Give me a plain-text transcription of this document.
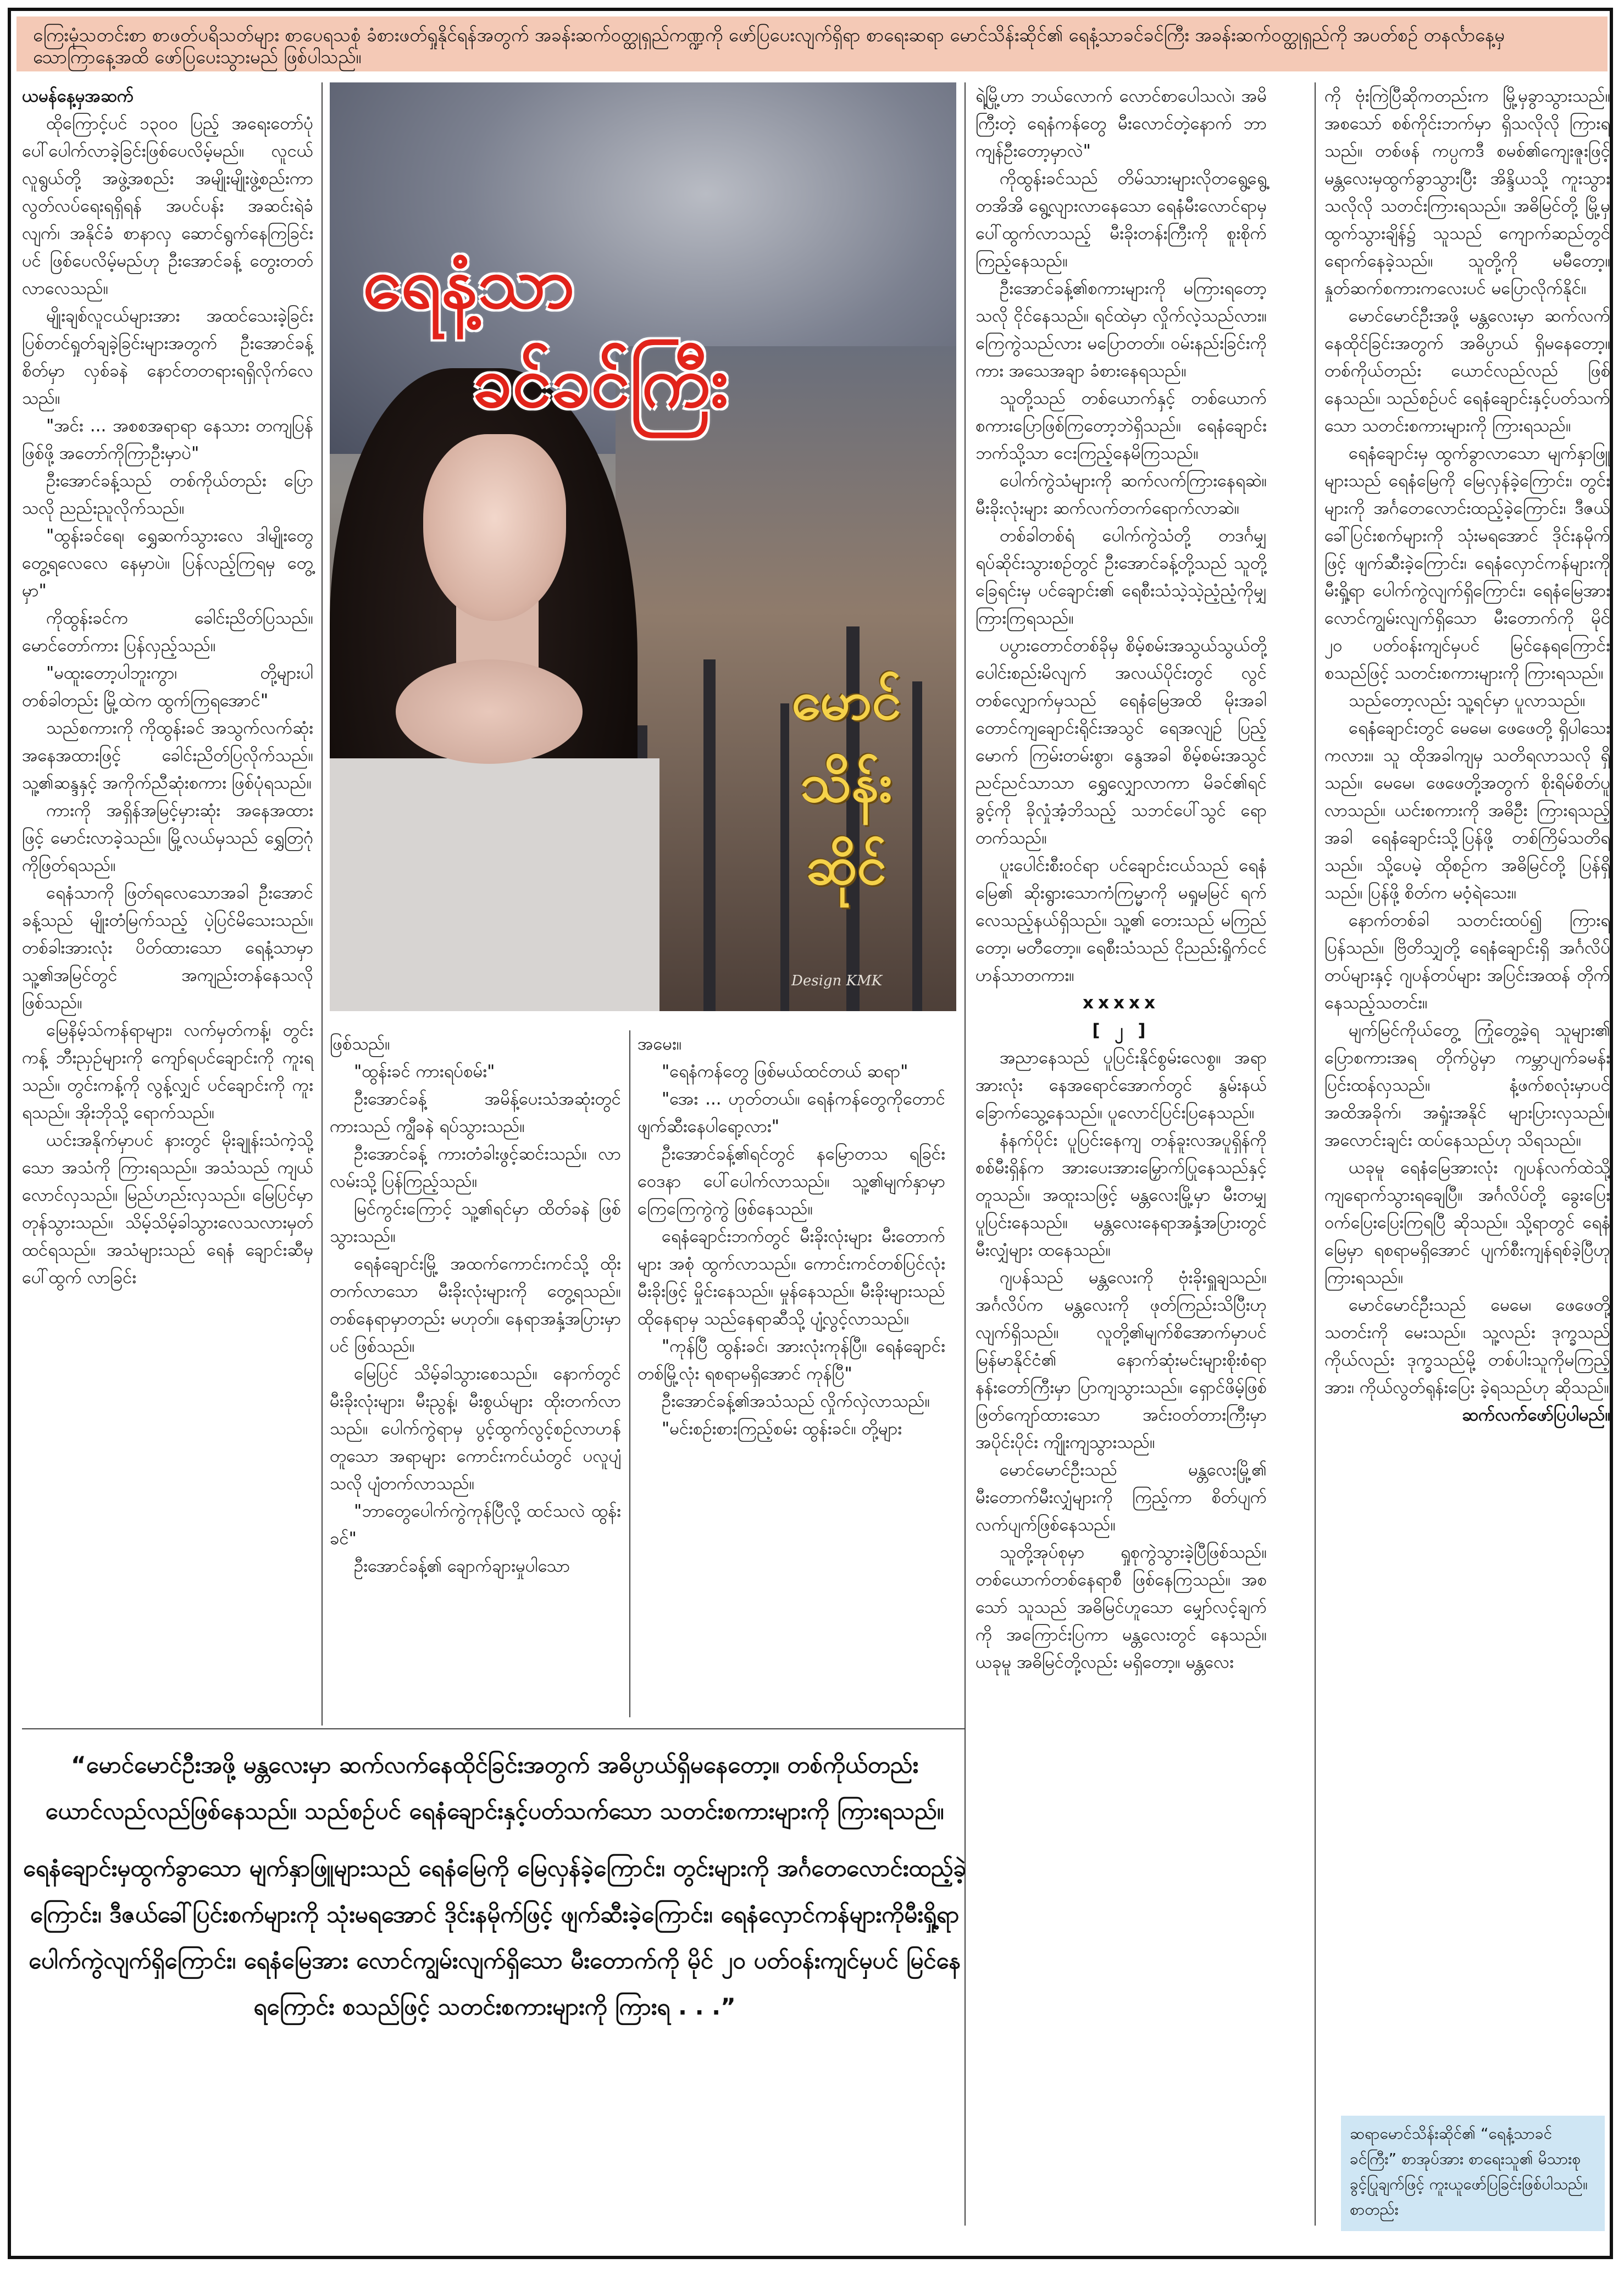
ကြေးမုံသတင်းစာ စာဖတ်ပရိသတ်များ စာပေရသစုံ ခံစားဖတ်ရှုနိုင်ရန်အတွက် အခန်းဆက်ဝတ္ထုရှည်ကဏ္ဍကို ဖော်ပြပေးလျက်ရှိရာ စာရေးဆရာ မောင်သိန်းဆိုင်၏ ရေနံ့သာခင်ခင်ကြီး အခန်းဆက်ဝတ္ထုရှည်ကို အပတ်စဉ် တနင်္လာနေ့မှ သောကြာနေ့အထိ ဖော်ပြပေးသွားမည် ဖြစ်ပါသည်။

ယမန်နေ့မှအဆက်

ထိုကြောင့်ပင် ၁၃၀၀ ပြည့် အရေးတော်ပုံ ပေါ်ပေါက်လာခဲ့ခြင်းဖြစ်ပေလိမ့်မည်။ လူငယ်လူရွယ်တို့ အဖွဲ့အစည်း အမျိုးမျိုးဖွဲ့စည်းကာ လွတ်လပ်ရေးရရှိရန် အပင်ပန်း အဆင်းရဲခံလျက်၊ အနိုင်ခံ စာနာလှ ဆောင်ရွက်နေကြခြင်းပင် ဖြစ်ပေလိမ့်မည်ဟု ဦးအောင်ခန့် တွေးတတ်လာလေသည်။

မျိုးချစ်လူငယ်များအား အထင်သေးခဲ့ခြင်း ပြစ်တင်ရှုတ်ချခဲ့ခြင်းများအတွက် ဦးအောင်ခန့်စိတ်မှာ လှစ်ခနဲ နောင်တတရားရရှိလိုက်လေသည်။

"အင်း ... အစစအရာရာ နေသား တကျပြန်ဖြစ်ဖို့ အတော်ကိုကြာဦးမှာပဲ"

ဦးအောင်ခန့်သည် တစ်ကိုယ်တည်း ပြောသလို ညည်းညူလိုက်သည်။

"ထွန်းခင်ရေ၊ ရွှေဆက်သွားလေ ဒါမျိုးတွေ တွေ့ရလေလေ နေမှာပဲ။ ပြန်လည့်ကြရမှ တွေ့မှာ"

ကိုထွန်းခင်က ခေါင်းညိတ်ပြသည်။ မောင်တော်ကား ပြန်လှည့်သည်။

"မထူးတော့ပါဘူးကွာ၊ တို့များပါ တစ်ခါတည်း မြို့ထဲက ထွက်ကြရအောင်"

သည်စကားကို ကိုထွန်းခင် အသွက်လက်ဆုံး အနေအထားဖြင့် ခေါင်းညိတ်ပြလိုက်သည်။ သူ့၏ဆန္ဒနှင့် အကိုက်ညီဆုံးစကား ဖြစ်ပုံရသည်။

ကားကို အရှိန်အမြင့်မှားဆုံး အနေအထားဖြင့် မောင်းလာခဲ့သည်။ မြို့လယ်မှသည် ရွှေတြဂုံကိုဖြတ်ရသည်။

ရေနံသာကို ဖြတ်ရလေသောအခါ ဦးအောင်ခန့်သည် မျိုးတံမြက်သည့် ပဲ့ပြင်မိသေးသည်။ တစ်ခါးအားလုံး ပိတ်ထားသော ရေနံ့သာမှာ သူ့၏အမြင်တွင် အကျည်းတန်နေသလို ဖြစ်သည်။

မြေနိမ့်သ်ကန်ရာများ၊ လက်မှတ်ကန့်၊ တွင်းကန့် ဘီးညှဉ်များကို ကျော်ရပင်ချောင်းကို ကူးရသည်။ တွင်းကန့်ကို လွန့်လျှင် ပင်ချောင်းကို ကူးရသည်။ အိုးဘိုသို့ ရောက်သည်။

ယင်းအနိုက်မှာပင် နားတွင် မိုးချုန်းသံကဲ့သို့သော အသံကို ကြားရသည်။ အသံသည် ကျယ်လောင်လှသည်။ မြည်ဟည်းလှသည်။ မြေပြင်မှာ တုန်သွားသည်။ သိမ့်သိမ့်ခါသွားလေသလားမှတ်ထင်ရသည်။ အသံများသည် ရေနံ ချောင်းဆီမှ ပေါ်ထွက် လာခြင်း

ရေနံ့သာ
ခင်ခင်ကြီး
မောင်
သိန်း
ဆိုင်
Design KMK

ဖြစ်သည်။

"ထွန်းခင် ကားရပ်စမ်း"

ဦးအောင်ခန့် အမိန့်ပေးသံအဆုံးတွင် ကားသည် ကျွီခနဲ ရပ်သွားသည်။

ဦးအောင်ခန့် ကားတံခါးဖွင့်ဆင်းသည်။ လာလမ်းသို့ ပြန်ကြည့်သည်။

မြင်ကွင်းကြောင့် သူ့၏ရင်မှာ ထိတ်ခနဲ ဖြစ်သွားသည်။

ရေနံချောင်းမြို့ အထက်ကောင်းကင်သို့ ထိုးတက်လာသော မီးခိုးလုံးများကို တွေ့ရသည်။ တစ်နေရာမှာတည်း မဟုတ်။ နေရာအနှံ့အပြားမှာပင် ဖြစ်သည်။

မြေပြင် သိမ့်ခါသွားစေသည်။ နောက်တွင် မီးခိုးလုံးများ၊ မီးညွန့်၊ မီးစွယ်များ ထိုးတက်လာသည်။ ပေါက်ကွဲရာမှ ပွင့်ထွက်လွင့်စဉ်လာဟန်တူသော အရာများ ကောင်းကင်ယံတွင် ပလူပျံသလို ပျံတက်လာသည်။

"ဘာတွေပေါက်ကွဲကုန်ပြီလို့ ထင်သလဲ ထွန်းခင်"

ဦးအောင်ခန့်၏ ချောက်ချားမှုပါသော

အမေး။

"ရေနံကန်တွေ ဖြစ်မယ်ထင်တယ် ဆရာ"

"အေး ... ဟုတ်တယ်။ ရေနံကန်တွေကိုတောင် ဖျက်ဆီးနေပါရော့လား"

ဦးအောင်ခန့်၏ရင်တွင် နမြောတသ ရခြင်းဝေဒနာ ပေါ်ပေါက်လာသည်။ သူ့၏မျက်နှာမှာ ကြေကြေကွဲကွဲ ဖြစ်နေသည်။

ရေနံချောင်းဘက်တွင် မီးခိုးလုံးများ မီးတောက်များ အစုံ ထွက်လာသည်။ ကောင်းကင်တစ်ပြင်လုံး မီးခိုးဖြင့် မှိုင်းနေသည်။ မှုန်နေသည်။ မီးခိုးများသည် ထိုနေရာမှ သည်နေရာဆီသို့ ပျံ့လွင့်လာသည်။

"ကုန်ပြီ ထွန်းခင်၊ အားလုံးကုန်ပြီ။ ရေနံချောင်းတစ်မြို့လုံး ရစရာမရှိအောင် ကုန်ပြီ"

ဦးအောင်ခန့်၏အသံသည် လှိုက်လှဲလာသည်။

"မင်းစဉ်းစားကြည့်စမ်း ထွန်းခင်။ တို့များ

ရဲ့မြို့ဟာ ဘယ်လောက် လောင်စာပေါသလဲ၊ အမိကြီးတဲ့ ရေနံကန်တွေ မီးလောင်တဲ့နောက် ဘာကျန်ဦးတော့မှာလဲ"

ကိုထွန်းခင်သည် တိမ်သားများလိုတရွေ့ရွေ့ တအိအိ ရွေ့လျားလာနေသော ရေနံမီးလောင်ရာမှ ပေါ်ထွက်လာသည့် မီးခိုးတန်းကြီးကို စူးစိုက်ကြည့်နေသည်။

ဦးအောင်ခန့်၏စကားများကို မကြားရတော့သလို ငိုင်နေသည်။ ရင်ထဲမှာ လှိုက်လဲ့သည်လား။ ကြေကွဲသည်လား မပြောတတ်။ ဝမ်းနည်းခြင်းကိုကား အသေအချာ ခံစားနေရသည်။

သူတို့သည် တစ်ယောက်နှင့် တစ်ယောက် စကားပြောဖြစ်ကြတော့ဘဲရှိသည်။ ရေနံချောင်းဘက်သို့သာ ငေးကြည့်နေမိကြသည်။

ပေါက်ကွဲသံများကို ဆက်လက်ကြားနေရဆဲ။ မီးခိုးလုံးများ ဆက်လက်တက်ရောက်လာဆဲ။

တစ်ခါတစ်ရံ ပေါက်ကွဲသံတို့ တဒင်္ဂမျှ ရပ်ဆိုင်းသွားစဉ်တွင် ဦးအောင်ခန့်တို့သည် သူတို့ခြေရင်းမှ ပင်ချောင်း၏ ရေစီးသံသဲ့သဲ့ညံ့ညံ့ကိုမျှ ကြားကြရသည်။

ပပွားတောင်တစ်ခိုမှ စိမ့်စမ်းအသွယ်သွယ်တို့ ပေါင်းစည်းမိလျက် အလယ်ပိုင်းတွင် လွင်တစ်လျှောက်မှသည် ရေနံမြေအထိ မိုးအခါ တောင်ကျချောင်းရိုင်းအသွင် ရေအလျဉ် ပြည့်မောက် ကြမ်းတမ်းစွာ၊ နွေအခါ စိမ့်စမ်းအသွင် ညင်ညင်သာသာ ရွှေလျှောလာကာ မိခင်၏ရင်ခွင့်ကို ခိုလှုံအံ့ဘိသည့် သဘင်ပေါ်သွင် ရောတက်သည်။

ပူးပေါင်းစီးဝင်ရာ ပင်ချောင်းငယ်သည် ရေနံမြေ၏ ဆိုးရွားသောကံကြမ္မာကို မရှုမမြင် ရက်လေသည့်နယ်ရှိသည်။ သူ့၏ တေးသည် မကြည်တော့၊ မတီတော့။ ရေစီးသံသည် ငိုညည်းရှိုက်ငင်ဟန်သာတကား။

xxxxx

[ ၂ ]

အညာနေသည် ပူပြင်းနိုင်စွမ်းလေစွ။ အရာအားလုံး နေအရောင်အောက်တွင် နွမ်းနယ်ခြောက်သွေ့နေသည်။ ပူလောင်ပြင်းပြနေသည်။

နံနက်ပိုင်း ပူပြင်းနေကျ တန်ခူးလအပူရှိန်ကို စစ်မီးရှိန်က အားပေးအားမြှောက်ပြုနေသည်နှင့်တူသည်။ အထူးသဖြင့် မန္တလေးမြို့မှာ မီးတမျှပူပြင်းနေသည်။ မန္တလေးနေရာအနှံ့အပြားတွင် မီးလျှံများ ထနေသည်။

ဂျပန်သည် မန္တလေးကို ဗုံးခိုးရှူချသည်။ အင်္ဂလိပ်က မန္တလေးကို ဖုတ်ကြည်းသိပြီးဟုလျက်ရှိသည်။ လူတို့၏မျက်စိအောက်မှာပင် မြန်မာနိုင်ငံ၏ နောက်ဆုံးမင်းများစိုးစံရာ နန်းတော်ကြီးမှာ ပြာကျသွားသည်။ ရှောင်ဖိမ့်ဖြစ် ဖြတ်ကျော်ထားသော အင်းဝတ်တားကြီးမှာ အပိုင်းပိုင်း ကျိုးကျသွားသည်။

မောင်မောင်ဦးသည် မန္တလေးမြို့၏ မီးတောက်မီးလျှံများကို ကြည့်ကာ စိတ်ပျက်လက်ပျက်ဖြစ်နေသည်။

သူတို့အုပ်စုမှာ ရှုစုကွဲသွားခဲ့ပြီဖြစ်သည်။ တစ်ယောက်တစ်နေရာစီ ဖြစ်နေကြသည်။ အစသော် သူသည် အဓိမြင်ဟူသော မျှော်လင့်ချက်ကို အကြောင်းပြကာ မန္တလေးတွင် နေသည်။ ယခုမူ အဓိမြင်တို့လည်း မရှိတော့။ မန္တလေး

ကို ဗုံးကြဲပြီဆိုကတည်းက မြို့မှခွာသွားသည်။ အစသော် စစ်ကိုင်းဘက်မှာ ရှိသလိုလို ကြားရသည်။ တစ်ဖန် ကပ္ပကဒီ စမစ်၏ကျေးဇူးဖြင့် မန္တလေးမှထွက်ခွာသွားပြီး အိန္ဒိယသို့ ကူးသွားသလိုလို သတင်းကြားရသည်။ အဓိမြင်တို့ မြို့မှ ထွက်သွားချိန်၌ သူသည် ကျောက်ဆည်တွင် ရောက်နေခဲ့သည်။ သူတို့ကို မမီတော့။ နှုတ်ဆက်စကားကလေးပင် မပြောလိုက်နိုင်။

မောင်မောင်ဦးအဖို့ မန္တလေးမှာ ဆက်လက် နေထိုင်ခြင်းအတွက် အဓိပ္ပာယ် ရှိမနေတော့။ တစ်ကိုယ်တည်း ယောင်လည်လည် ဖြစ်နေသည်။ သည်စဉ်ပင် ရေနံချောင်းနှင့်ပတ်သက်သော သတင်းစကားများကို ကြားရသည်။

ရေနံချောင်းမှ ထွက်ခွာလာသော မျက်နှာဖြူများသည် ရေနံမြေကို မြေလှန်ခဲ့ကြောင်း၊ တွင်းများကို အင်္ဂတေလောင်းထည့်ခဲ့ကြောင်း၊ ဒီဇယ်ခေါ်ပြင်းစက်များကို သုံးမရအောင် ဒိုင်းနမိုက်ဖြင့် ဖျက်ဆီးခဲ့ကြောင်း၊ ရေနံလှောင်ကန်များကို မီးရှို့ရာ ပေါက်ကွဲလျက်ရှိကြောင်း၊ ရေနံမြေအား လောင်ကျွမ်းလျက်ရှိသော မီးတောက်ကို မိုင် ၂၀ ပတ်ဝန်းကျင်မှပင် မြင်နေရကြောင်း စသည်ဖြင့် သတင်းစကားများကို ကြားရသည်။

သည်တော့လည်း သူ့ရင်မှာ ပူလာသည်။

ရေနံချောင်းတွင် မေမေ၊ ဖေဖေတို့ ရှိပါသေးကလား။ သူ ထိုအခါကျမှ သတိရလာသလို ရှိသည်။ မေမေ၊ ဖေဖေတို့အတွက် စိုးရိမ်စိတ်ပူလာသည်။ ယင်းစကားကို အဓိဦး ကြားရသည့်အခါ ရေနံချောင်းသို့ပြန်ဖို့ တစ်ကြိမ်သတိရသည်။ သို့ပေမဲ့ ထိုစဉ်က အဓိမြင်တို့ ပြန်ရှိသည်။ ပြန်ဖို့ စိတ်က မဝံ့ရဲသေး။

နောက်တစ်ခါ သတင်းထပ်၍ ကြားရပြန်သည်။ ဗြိတိသျှတို့ ရေနံချောင်းရှိ အင်္ဂလိပ်တပ်များနှင့် ဂျပန်တပ်များ အပြင်းအထန် တိုက်နေသည့်သတင်း။

မျက်မြင်ကိုယ်တွေ့ ကြုံတွေ့ခဲ့ရ သူများ၏ ပြောစကားအရ တိုက်ပွဲမှာ ကမ္ဘာပျက်ခမန်း ပြင်းထန်လှသည်။ နံ့ဖက်စလုံးမှာပင် အထိအခိုက်၊ အရှုံးအနိုင် များပြားလှသည်။ အလောင်းချင်း ထပ်နေသည်ဟု သိရသည်။

ယခုမူ ရေနံမြေအားလုံး ဂျပန်လက်ထဲသို့ ကျရောက်သွားရချေပြီ။ အင်္ဂလိပ်တို့ ခွေးပြေးဝက်ပြေးပြေးကြရပြီ ဆိုသည်။ သို့ရာတွင် ရေနံမြေမှာ ရစရာမရှိအောင် ပျက်စီးကျန်ရစ်ခဲ့ပြီဟု ကြားရသည်။

မောင်မောင်ဦးသည် မေမေ၊ ဖေဖေတို့ သတင်းကို မေးသည်။ သူ့လည်း ဒုက္ခသည် ကိုယ်လည်း ဒုက္ခသည်မို့ တစ်ပါးသူကိုမကြည့်အား၊ ကိုယ်လွတ်ရုန်းပြေး ခဲ့ရသည်ဟု ဆိုသည်။

ဆက်လက်ဖော်ပြပါမည်။

“မောင်မောင်ဦးအဖို့ မန္တလေးမှာ ဆက်လက်နေထိုင်ခြင်းအတွက် အဓိပ္ပာယ်ရှိမနေတော့။ တစ်ကိုယ်တည်း ယောင်လည်လည်ဖြစ်နေသည်။ သည်စဉ်ပင် ရေနံချောင်းနှင့်ပတ်သက်သော သတင်းစကားများကို ကြားရသည်။

ရေနံချောင်းမှထွက်ခွာသော မျက်နှာဖြူများသည် ရေနံမြေကို မြေလှန်ခဲ့ကြောင်း၊ တွင်းများကို အင်္ဂတေလောင်းထည့်ခဲ့ကြောင်း၊ ဒီဇယ်ခေါ်ပြင်းစက်များကို သုံးမရအောင် ဒိုင်းနမိုက်ဖြင့် ဖျက်ဆီးခဲ့ကြောင်း၊ ရေနံလှောင်ကန်များကိုမီးရှို့ရာ ပေါက်ကွဲလျက်ရှိကြောင်း၊ ရေနံမြေအား လောင်ကျွမ်းလျက်ရှိသော မီးတောက်ကို မိုင် ၂၀ ပတ်ဝန်းကျင်မှပင် မြင်နေရကြောင်း စသည်ဖြင့် သတင်းစကားများကို ကြားရ . . .”

ဆရာမောင်သိန်းဆိုင်၏ “ရေနံ့သာခင်ခင်ကြီး” စာအုပ်အား စာရေးသူ၏ မိသားစု ခွင့်ပြုချက်ဖြင့် ကူးယူဖော်ပြခြင်းဖြစ်ပါသည်။ စာတည်း
